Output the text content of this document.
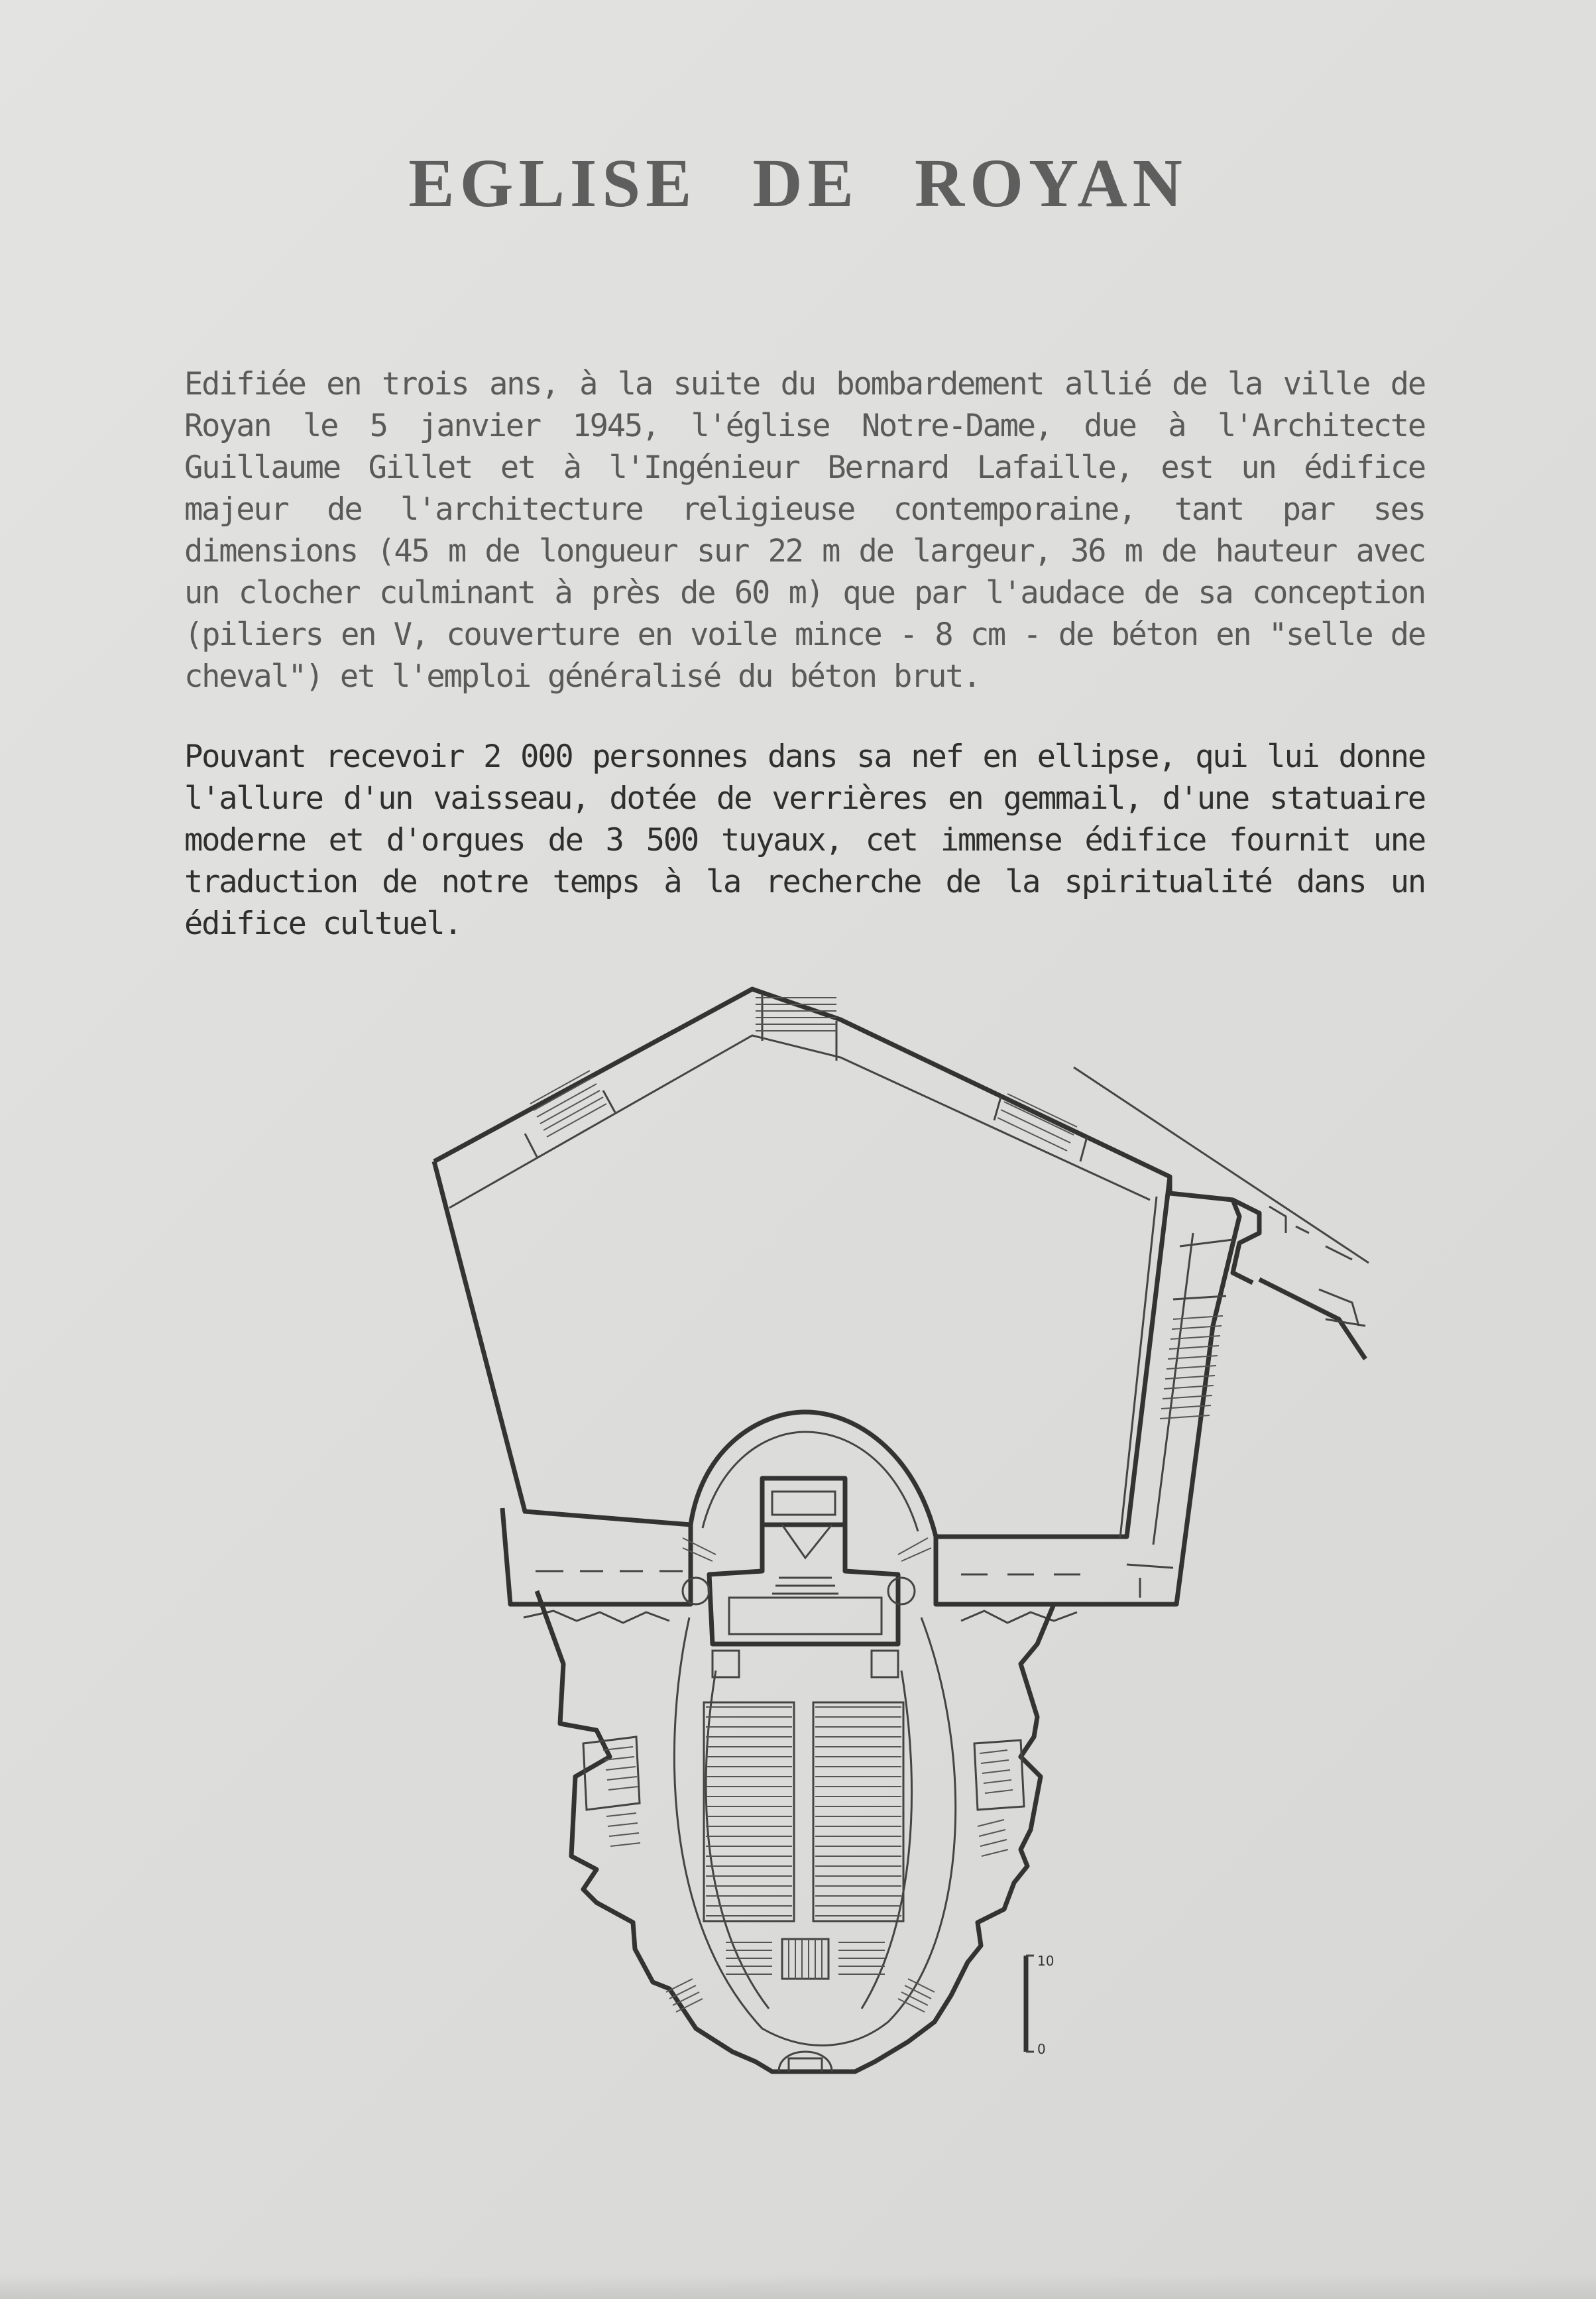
EGLISE DE ROYAN

Edifiée en trois ans, à la suite du bombardement allié de la ville de Royan le 5 janvier 1945, l'église Notre-Dame, due à l'Architecte Guillaume Gillet et à l'Ingénieur Bernard Lafaille, est un édifice majeur de l'architecture religieuse contemporaine, tant par ses dimensions (45 m de longueur sur 22 m de largeur, 36 m de hauteur avec un clocher culminant à près de 60 m) que par l'audace de sa conception (piliers en V, couverture en voile mince - 8 cm - de béton en "selle de cheval") et l'emploi généralisé du béton brut.

Pouvant recevoir 2 000 personnes dans sa nef en ellipse, qui lui donne l'allure d'un vaisseau, dotée de verrières en gemmail, d'une statuaire moderne et d'orgues de 3 500 tuyaux, cet immense édifice fournit une traduction de notre temps à la recherche de la spiritualité dans un édifice cultuel.

10
0
